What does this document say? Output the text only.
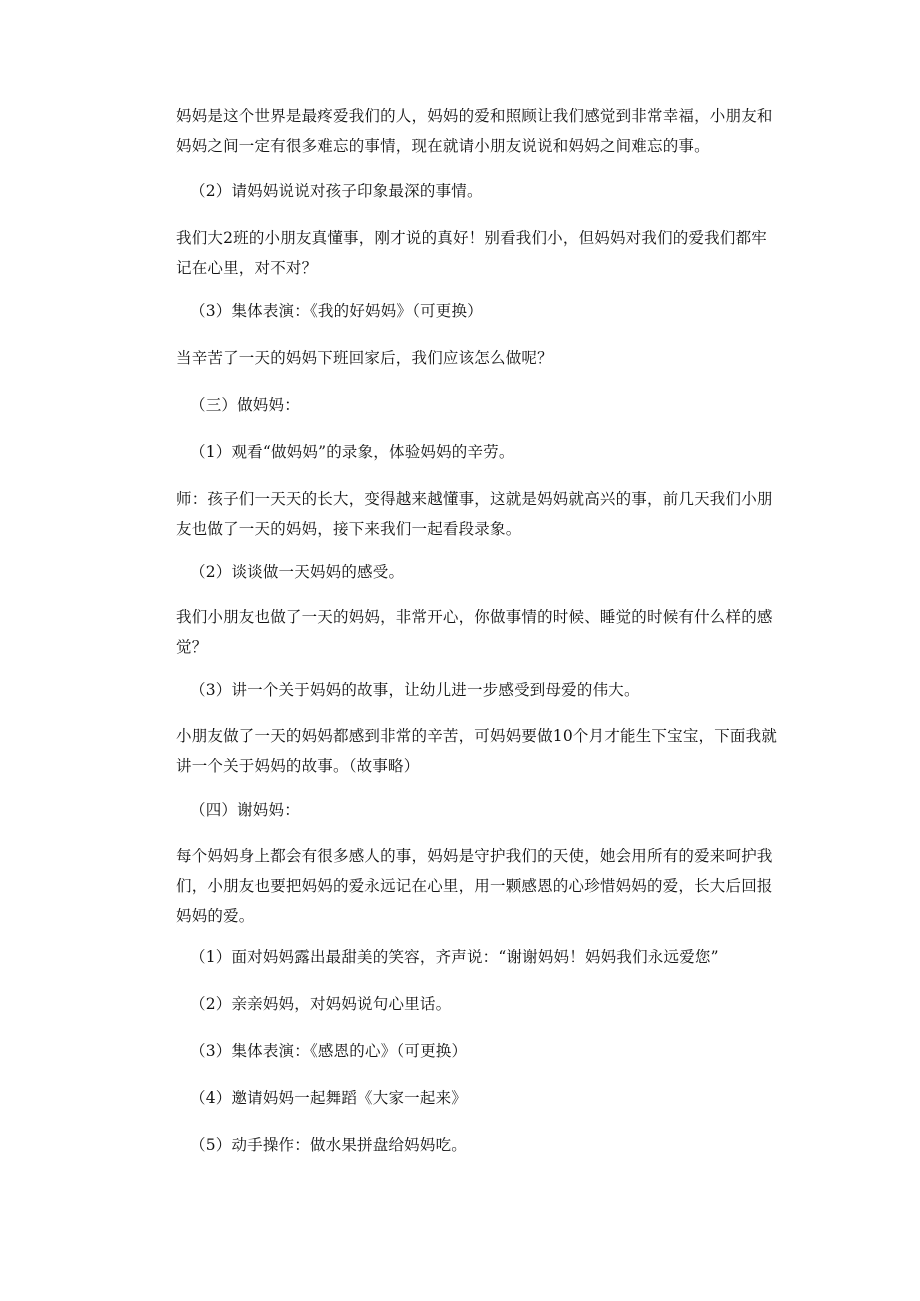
妈妈是这个世界是最疼爱我们的人，妈妈的爱和照顾让我们感觉到非常幸福，小朋友和妈妈之间一定有很多难忘的事情，现在就请小朋友说说和妈妈之间难忘的事。

（2）请妈妈说说对孩子印象最深的事情。

我们大2班的小朋友真懂事，刚才说的真好！别看我们小，但妈妈对我们的爱我们都牢记在心里，对不对？

（3）集体表演：《我的好妈妈》（可更换）

当辛苦了一天的妈妈下班回家后，我们应该怎么做呢？

（三）做妈妈：

（1）观看“做妈妈”的录象，体验妈妈的辛劳。

师：孩子们一天天的长大，变得越来越懂事，这就是妈妈就高兴的事，前几天我们小朋友也做了一天的妈妈，接下来我们一起看段录象。

（2）谈谈做一天妈妈的感受。

我们小朋友也做了一天的妈妈，非常开心，你做事情的时候、睡觉的时候有什么样的感觉？

（3）讲一个关于妈妈的故事，让幼儿进一步感受到母爱的伟大。

小朋友做了一天的妈妈都感到非常的辛苦，可妈妈要做10个月才能生下宝宝，下面我就讲一个关于妈妈的故事。（故事略）

（四）谢妈妈：

每个妈妈身上都会有很多感人的事，妈妈是守护我们的天使，她会用所有的爱来呵护我们，小朋友也要把妈妈的爱永远记在心里，用一颗感恩的心珍惜妈妈的爱，长大后回报妈妈的爱。

（1）面对妈妈露出最甜美的笑容，齐声说：“谢谢妈妈！妈妈我们永远爱您”

（2）亲亲妈妈，对妈妈说句心里话。

（3）集体表演：《感恩的心》（可更换）

（4）邀请妈妈一起舞蹈《大家一起来》

（5）动手操作：做水果拼盘给妈妈吃。
